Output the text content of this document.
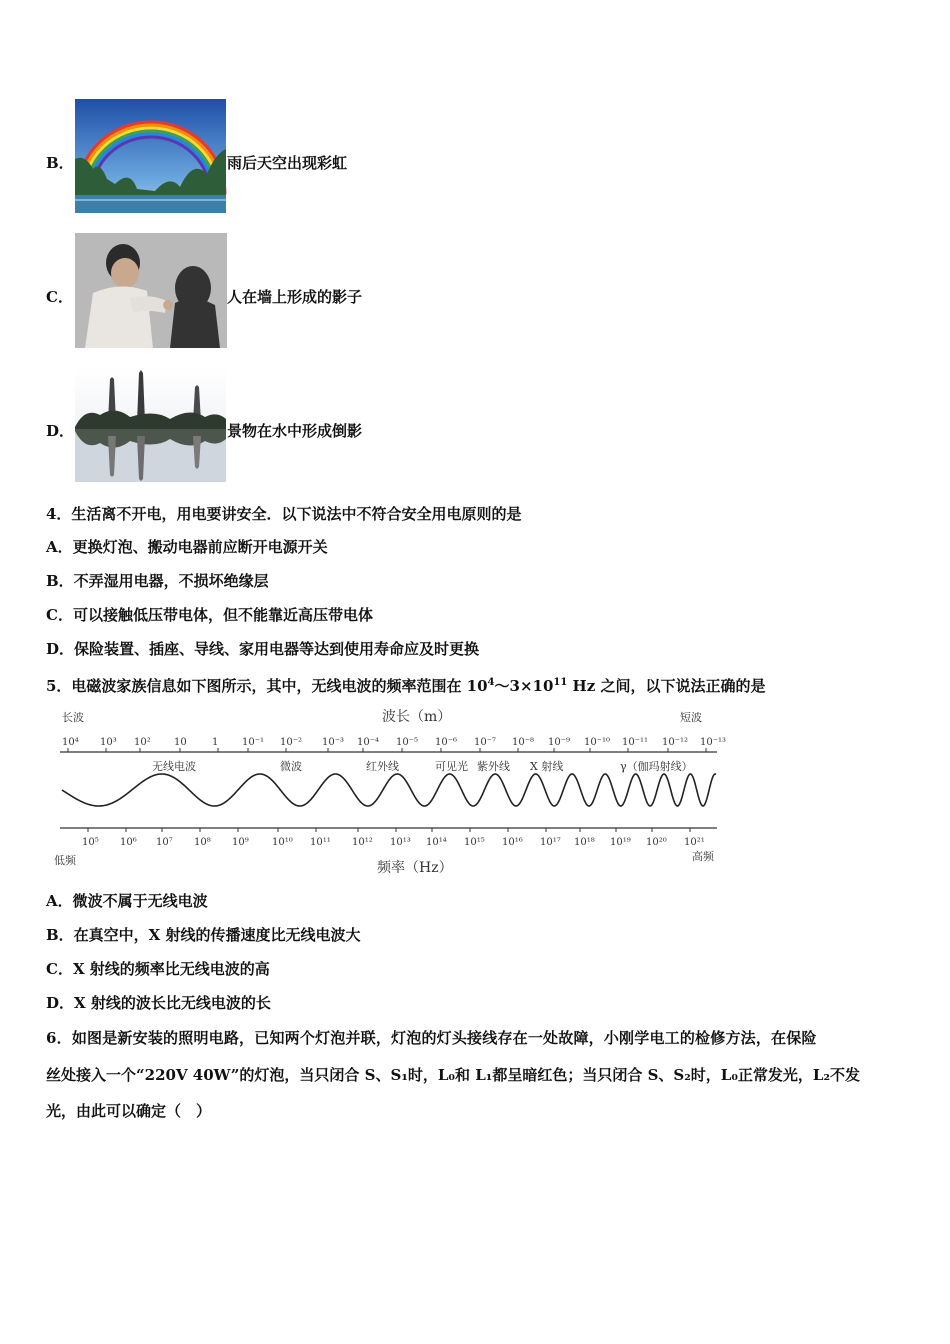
B．	雨后天空出现彩虹
C．	人在墙上形成的影子
D．	景物在水中形成倒影
4．生活离不开电，用电要讲安全．以下说法中不符合安全用电原则的是
A．更换灯泡、搬动电器前应断开电源开关
B．不弄湿用电器，不损坏绝缘层
C．可以接触低压带电体，但不能靠近高压带电体
D．保险装置、插座、导线、家用电器等达到使用寿命应及时更换
5．电磁波家族信息如下图所示，其中，无线电波的频率范围在 $10^4\sim 3\times 10^{11}$ Hz 之间，以下说法正确的是
长波	波长（m）	短波
10⁴ 10³ 10² 10	1 10⁻¹ 10⁻² 10⁻³ 10⁻⁴ 10⁻⁵ 10⁻⁶ 10⁻⁷ 10⁻⁸ 10⁻⁹ 10⁻¹⁰ 10⁻¹¹ 10⁻¹² 10⁻¹³
无线电波	微波	红外线	可见光 紫外线 X 射线	γ（伽玛射线）
10⁵ 10⁶ 10⁷ 10⁸ 10⁹ 10¹⁰ 10¹¹ 10¹² 10¹³ 10¹⁴ 10¹⁵ 10¹⁶ 10¹⁷ 10¹⁸ 10¹⁹ 10²⁰ 10²¹
低频	频率（Hz）
高频
A．微波不属于无线电波
B．在真空中，X 射线的传播速度比无线电波大
C．X 射线的频率比无线电波的高
D．X 射线的波长比无线电波的长
6．如图是新安装的照明电路，已知两个灯泡并联，灯泡的灯头接线存在一处故障，小刚学电工的检修方法，在保险
丝处接入一个“220V 40W”的灯泡，当只闭合 S、S₁时，L₀和 L₁都呈暗红色；当只闭合 S、S₂时，L₀正常发光，L₂不发
光，由此可以确定（　）
